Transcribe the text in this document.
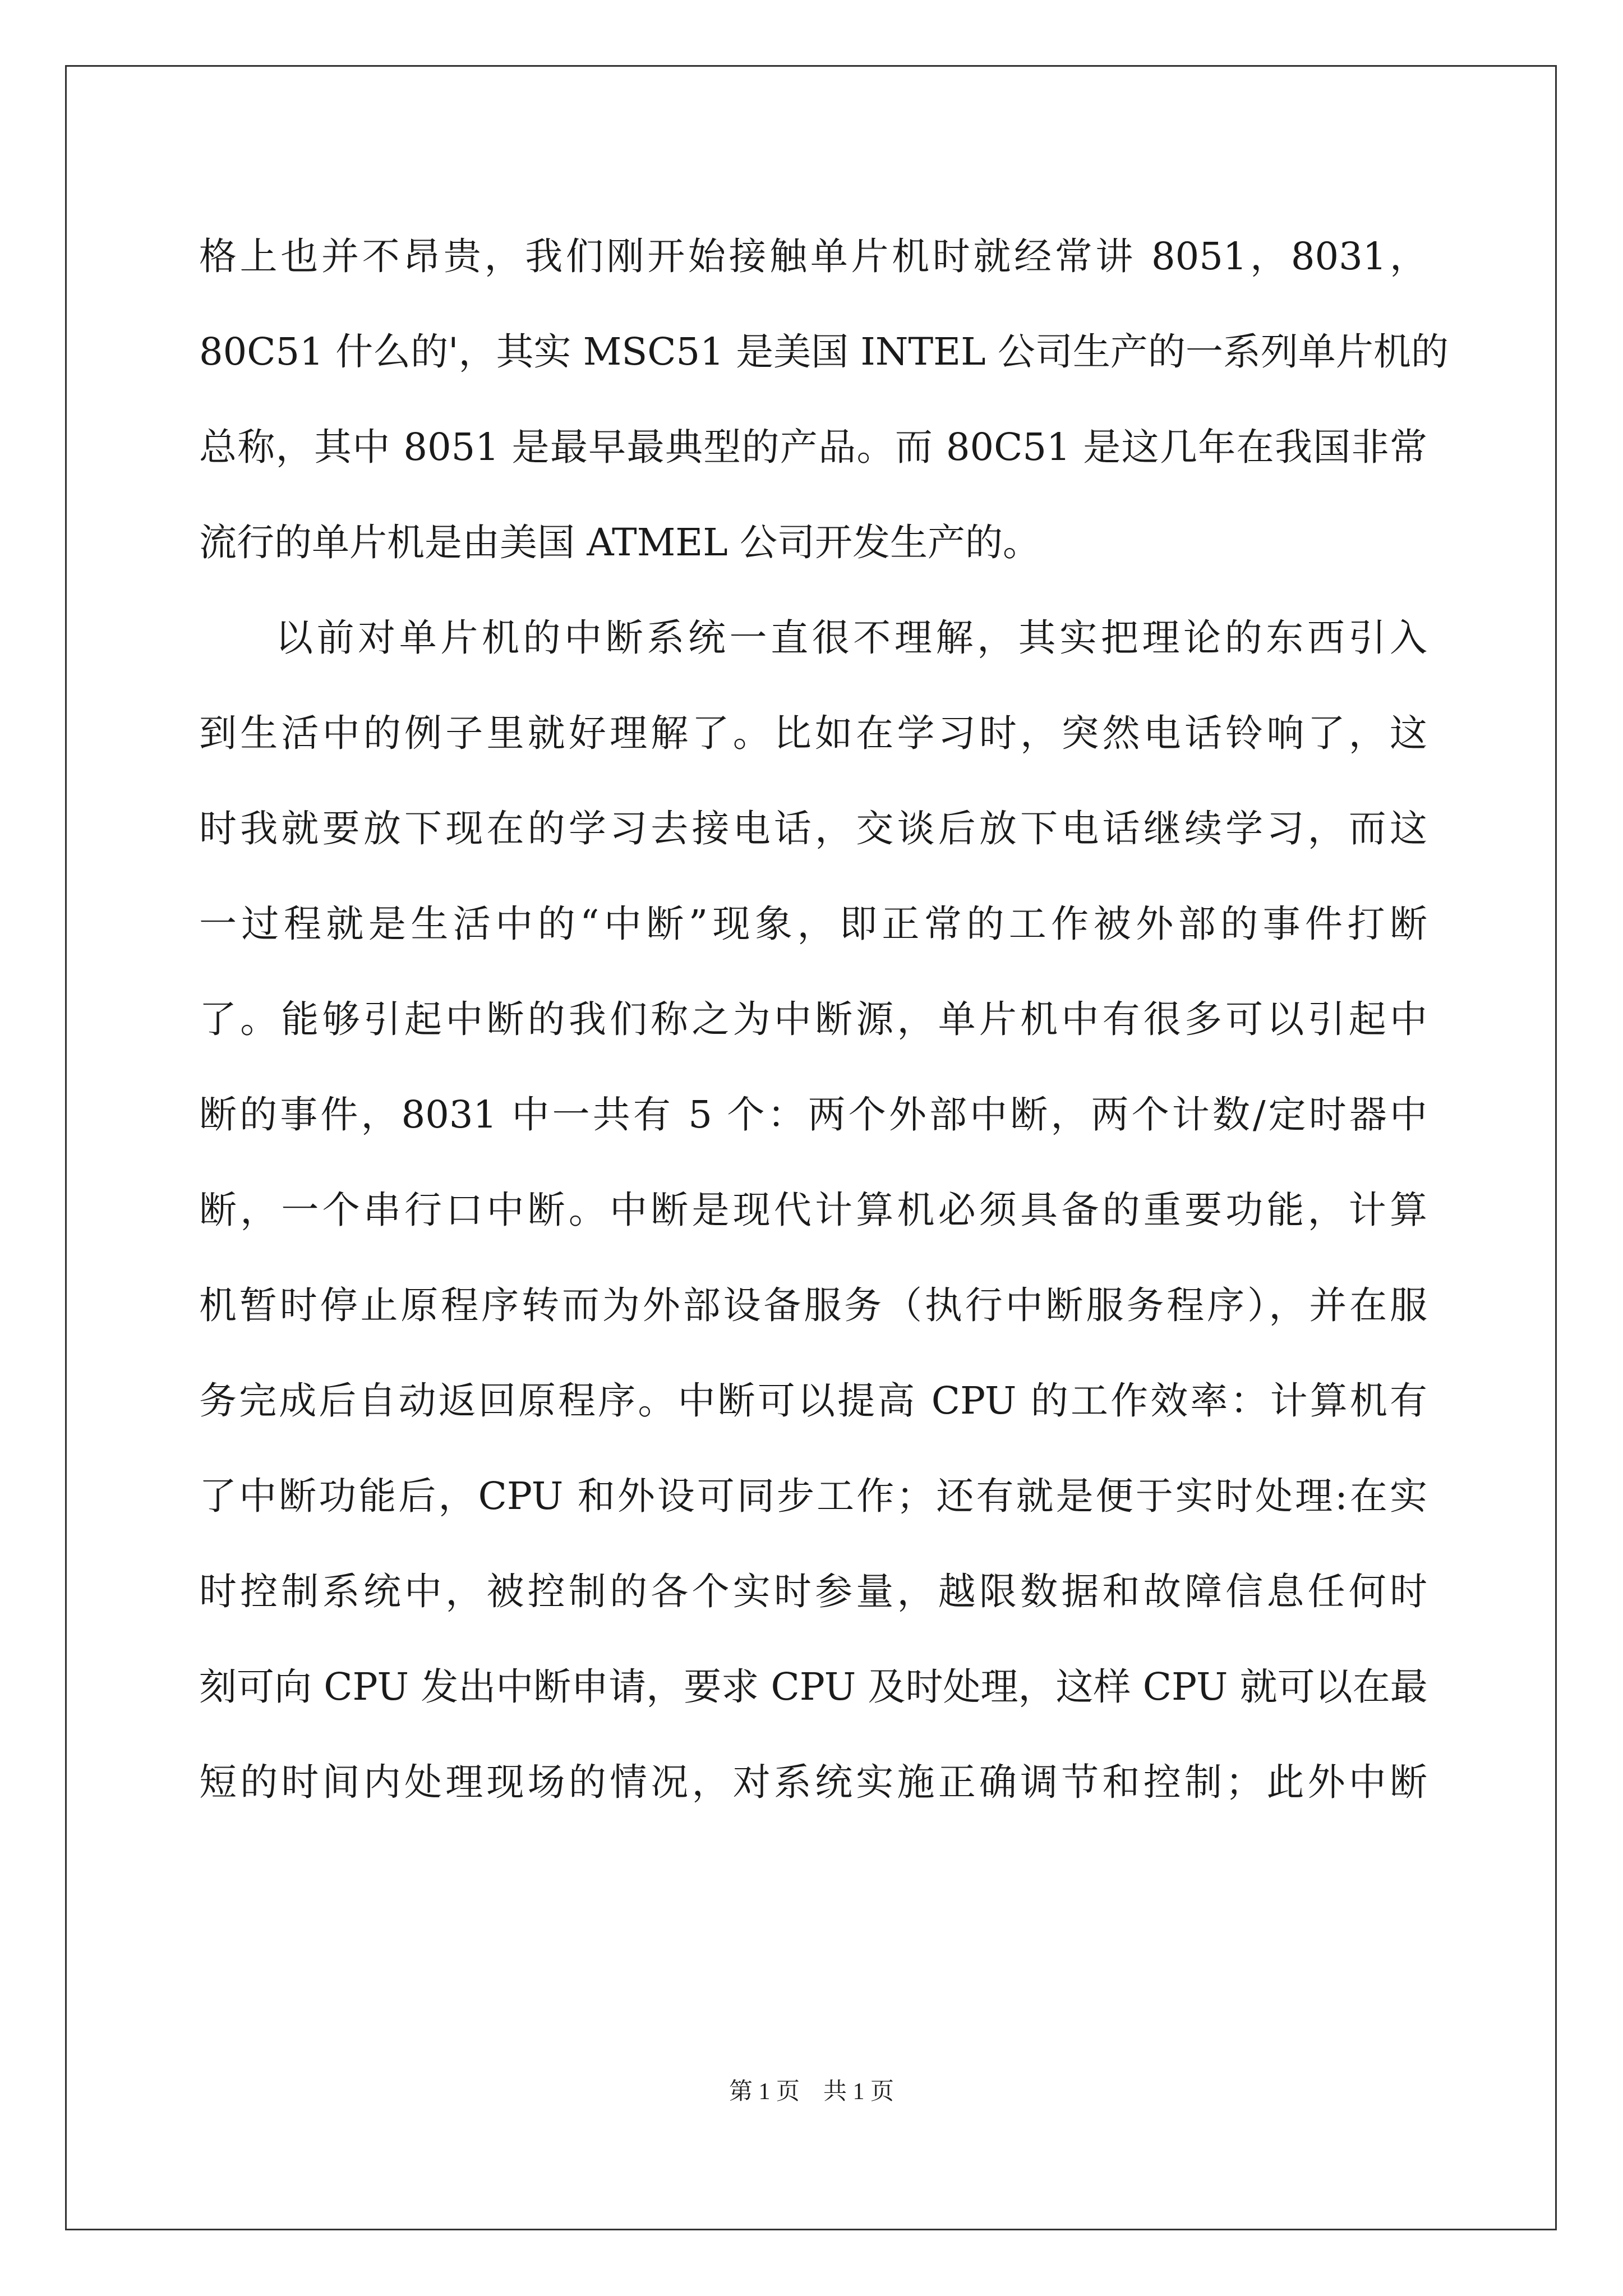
格上也并不昂贵，我们刚开始接触单片机时就经常讲 8051，8031，
80C51 什么的'，其实 MSC51 是美国 INTEL 公司生产的一系列单片机的
总称，其中 8051 是最早最典型的产品。而 80C51 是这几年在我国非常
流行的单片机是由美国 ATMEL 公司开发生产的。
以前对单片机的中断系统一直很不理解，其实把理论的东西引入
到生活中的例子里就好理解了。比如在学习时，突然电话铃响了，这
时我就要放下现在的学习去接电话，交谈后放下电话继续学习，而这
一过程就是生活中的“中断”现象，即正常的工作被外部的事件打断
了。能够引起中断的我们称之为中断源，单片机中有很多可以引起中
断的事件，8031 中一共有 5 个：两个外部中断，两个计数/定时器中
断，一个串行口中断。中断是现代计算机必须具备的重要功能，计算
机暂时停止原程序转而为外部设备服务（执行中断服务程序），并在服
务完成后自动返回原程序。中断可以提高 CPU 的工作效率：计算机有
了中断功能后，CPU 和外设可同步工作；还有就是便于实时处理:在实
时控制系统中，被控制的各个实时参量，越限数据和故障信息任何时
刻可向 CPU 发出中断申请，要求 CPU 及时处理，这样 CPU 就可以在最
短的时间内处理现场的情况，对系统实施正确调节和控制；此外中断
第 1 页　共 1 页
